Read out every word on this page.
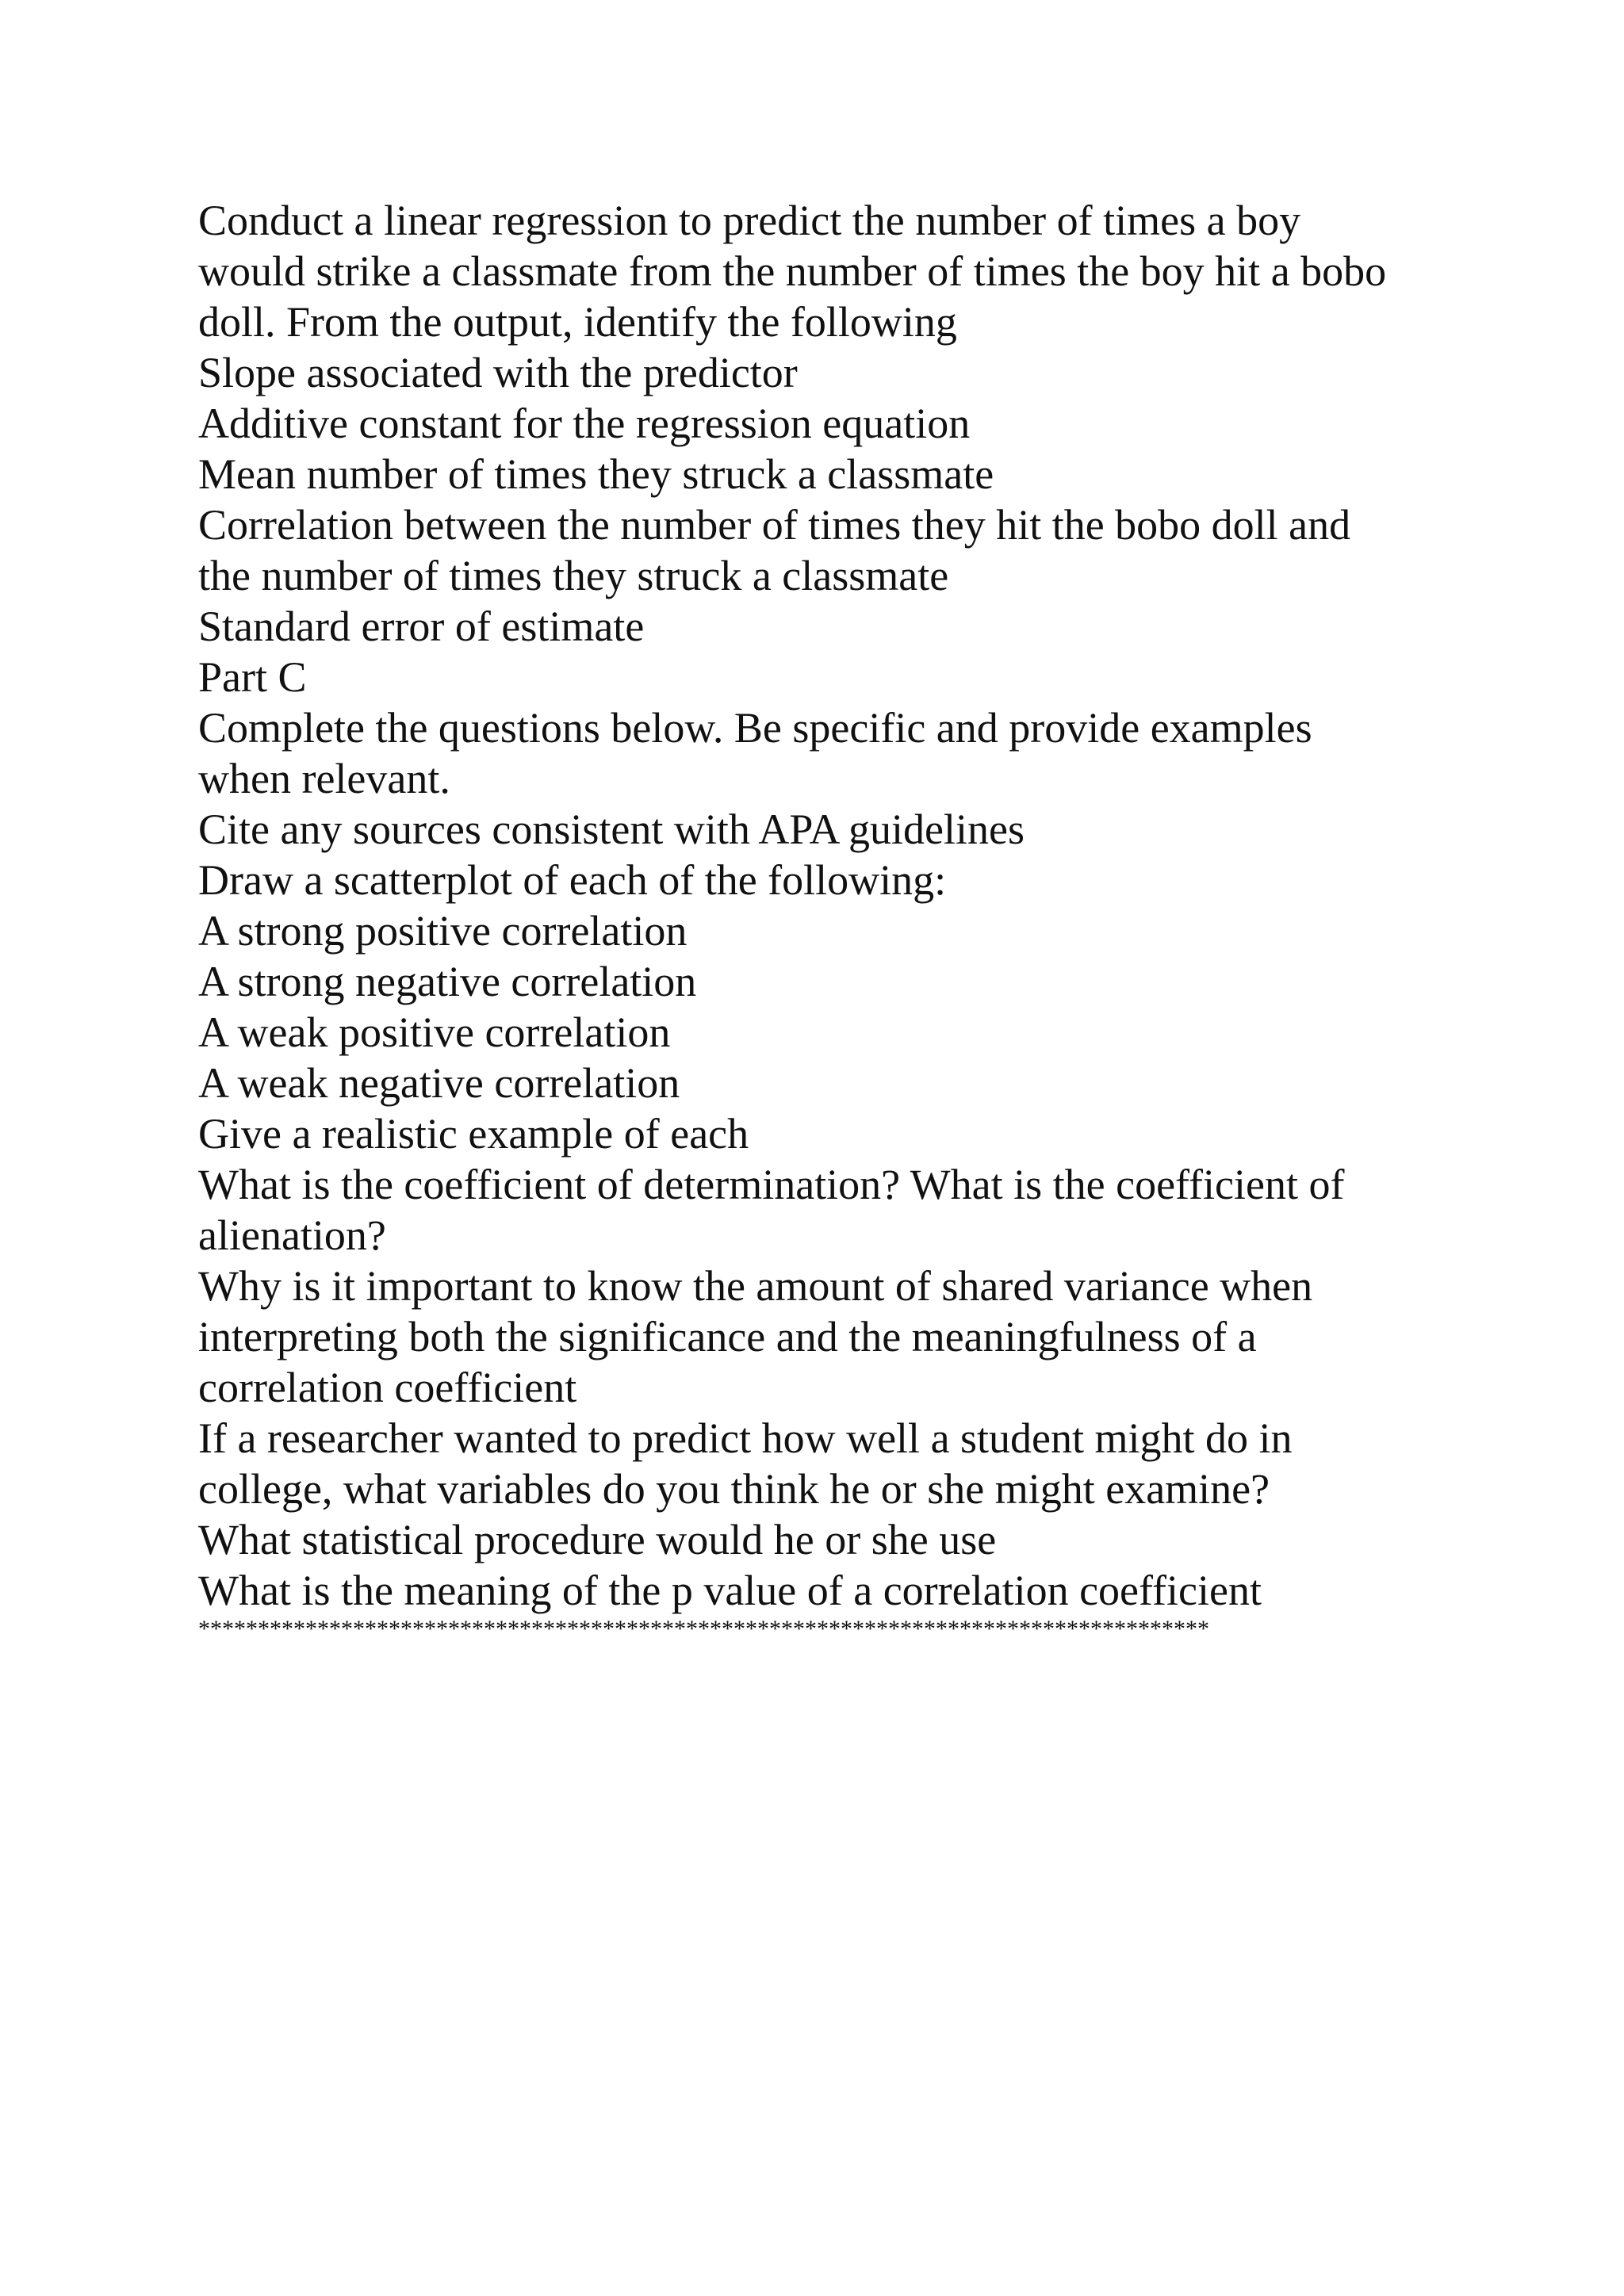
Conduct a linear regression to predict the number of times a boy
would strike a classmate from the number of times the boy hit a bobo
doll. From the output, identify the following
Slope associated with the predictor
Additive constant for the regression equation
Mean number of times they struck a classmate
Correlation between the number of times they hit the bobo doll and
the number of times they struck a classmate
Standard error of estimate
Part C
Complete the questions below. Be specific and provide examples
when relevant.
Cite any sources consistent with APA guidelines
Draw a scatterplot of each of the following:
A strong positive correlation
A strong negative correlation
A weak positive correlation
A weak negative correlation
Give a realistic example of each
What is the coefficient of determination? What is the coefficient of
alienation?
Why is it important to know the amount of shared variance when
interpreting both the significance and the meaningfulness of a
correlation coefficient
If a researcher wanted to predict how well a student might do in
college, what variables do you think he or she might examine?
What statistical procedure would he or she use
What is the meaning of the p value of a correlation coefficient
*************************************************************************************
